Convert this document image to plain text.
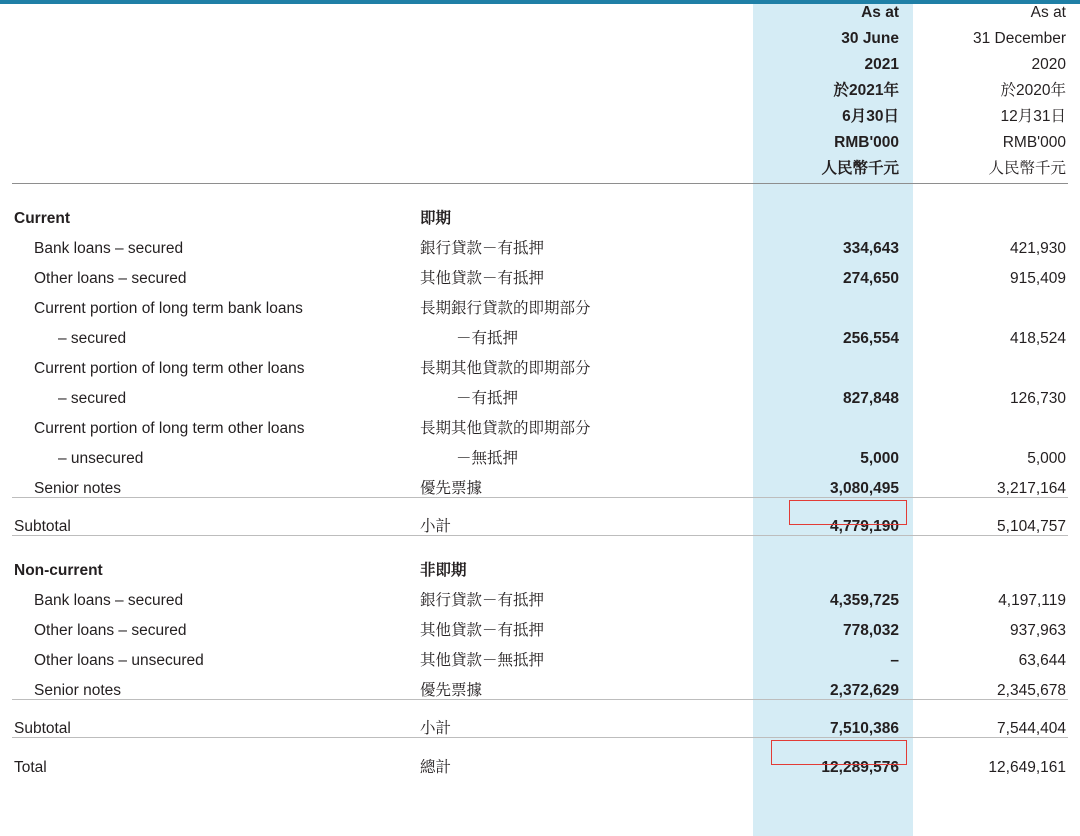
		As at	As at
		30 June	31 December
		2021	2020
		於2021年	於2020年
		6月30日	12月31日
		RMB'000	RMB'000
		人民幣千元	人民幣千元

Current	即期		
Bank loans – secured	銀行貸款－有抵押	334,643	421,930
Other loans – secured	其他貸款－有抵押	274,650	915,409
Current portion of long term bank loans	長期銀行貸款的即期部分		
– secured	－有抵押	256,554	418,524
Current portion of long term other loans	長期其他貸款的即期部分		
– secured	－有抵押	827,848	126,730
Current portion of long term other loans	長期其他貸款的即期部分		
– unsecured	－無抵押	5,000	5,000
Senior notes	優先票據	3,080,495	3,217,164

Subtotal	小計	4,779,190	5,104,757

Non-current	非即期		
Bank loans – secured	銀行貸款－有抵押	4,359,725	4,197,119
Other loans – secured	其他貸款－有抵押	778,032	937,963
Other loans – unsecured	其他貸款－無抵押	–	63,644
Senior notes	優先票據	2,372,629	2,345,678

Subtotal	小計	7,510,386	7,544,404

Total	總計	12,289,576	12,649,161
